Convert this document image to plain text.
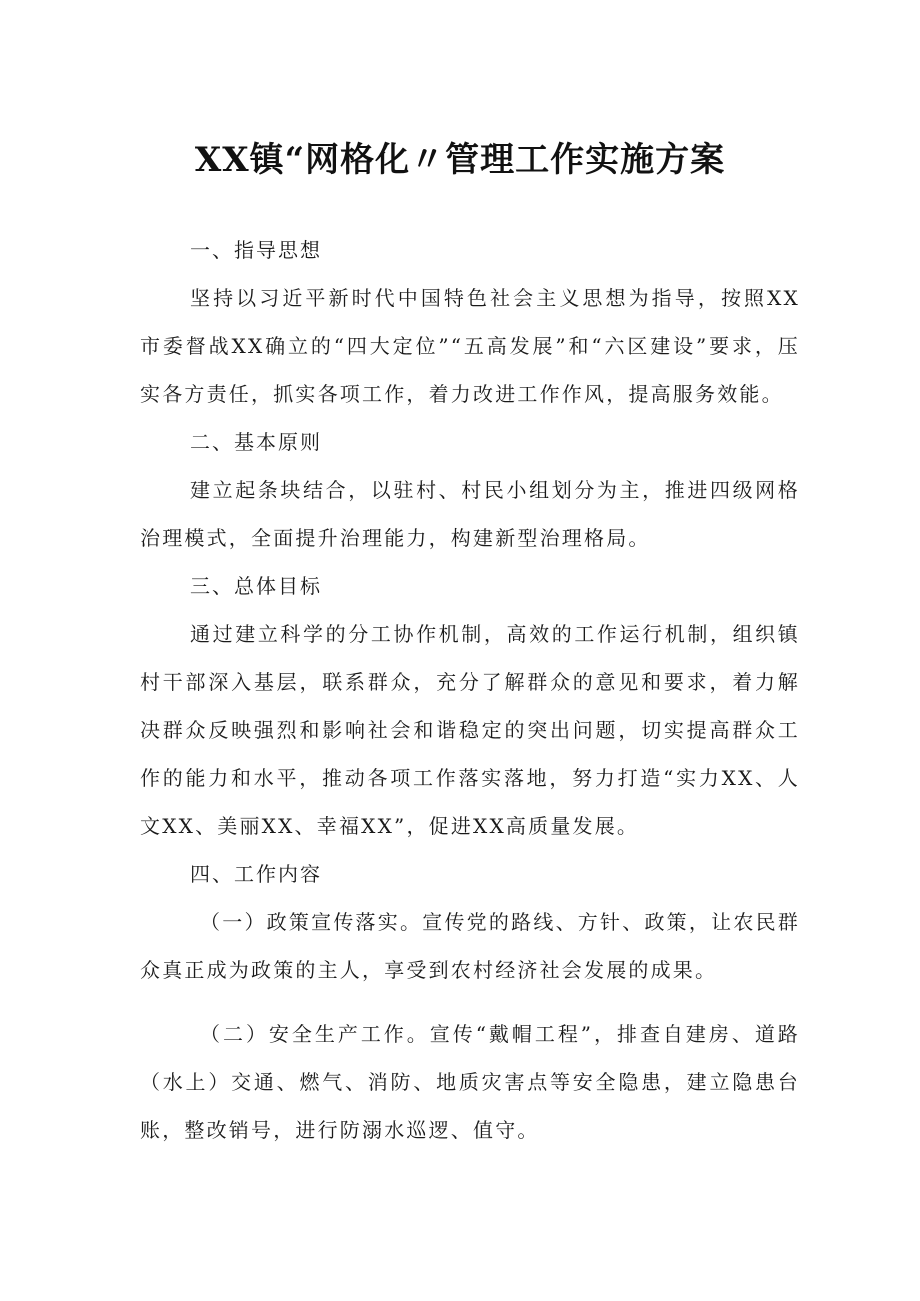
XX镇“网格化〃管理工作实施方案
一、指导思想

坚持以习近平新时代中国特色社会主义思想为指导，按照XX市委督战XX确立的“四大定位”“五高发展”和“六区建设”要求，压实各方责任，抓实各项工作，着力改进工作作风，提高服务效能。

二、基本原则

建立起条块结合，以驻村、村民小组划分为主，推进四级网格治理模式，全面提升治理能力，构建新型治理格局。

三、总体目标

通过建立科学的分工协作机制，高效的工作运行机制，组织镇村干部深入基层，联系群众，充分了解群众的意见和要求，着力解决群众反映强烈和影响社会和谐稳定的突出问题，切实提高群众工作的能力和水平，推动各项工作落实落地，努力打造“实力XX、人文XX、美丽XX、幸福XX”，促进XX高质量发展。

四、工作内容

（一）政策宣传落实。宣传党的路线、方针、政策，让农民群众真正成为政策的主人，享受到农村经济社会发展的成果。

（二）安全生产工作。宣传“戴帽工程”，排查自建房、道路（水上）交通、燃气、消防、地质灾害点等安全隐患，建立隐患台账，整改销号，进行防溺水巡逻、值守。
